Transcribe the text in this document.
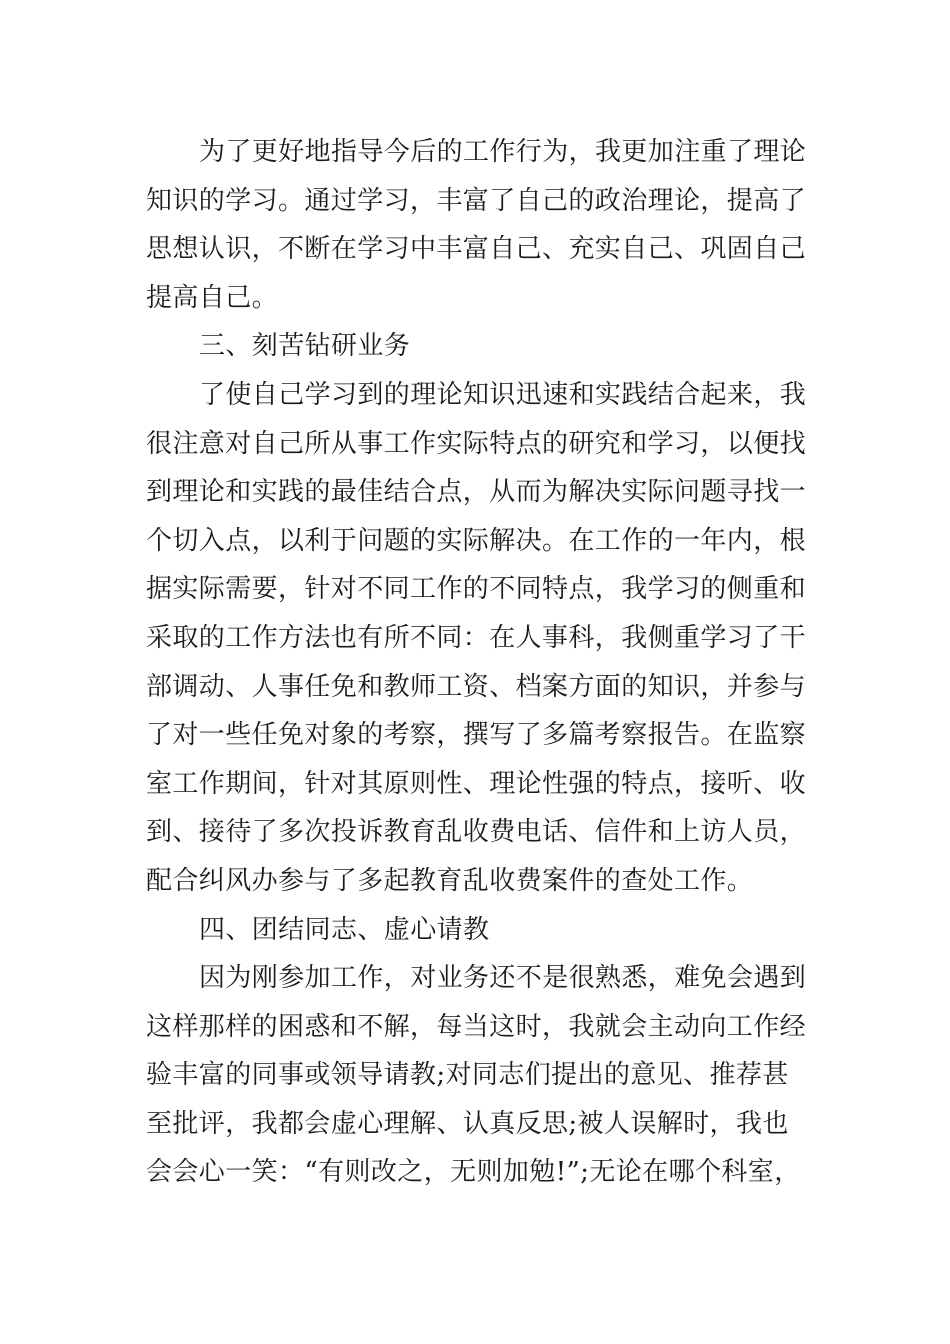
为了更好地指导今后的工作行为，我更加注重了理论
知识的学习。通过学习，丰富了自己的政治理论，提高了
思想认识，不断在学习中丰富自己、充实自己、巩固自己
提高自己。
三、刻苦钻研业务
了使自己学习到的理论知识迅速和实践结合起来，我
很注意对自己所从事工作实际特点的研究和学习，以便找
到理论和实践的最佳结合点，从而为解决实际问题寻找一
个切入点，以利于问题的实际解决。在工作的一年内，根
据实际需要，针对不同工作的不同特点，我学习的侧重和
采取的工作方法也有所不同：在人事科，我侧重学习了干
部调动、人事任免和教师工资、档案方面的知识，并参与
了对一些任免对象的考察，撰写了多篇考察报告。在监察
室工作期间，针对其原则性、理论性强的特点，接听、收
到、接待了多次投诉教育乱收费电话、信件和上访人员，
配合纠风办参与了多起教育乱收费案件的查处工作。
四、团结同志、虚心请教
因为刚参加工作，对业务还不是很熟悉，难免会遇到
这样那样的困惑和不解，每当这时，我就会主动向工作经
验丰富的同事或领导请教;对同志们提出的意见、推荐甚
至批评，我都会虚心理解、认真反思;被人误解时，我也
会会心一笑：“有则改之，无则加勉!”;无论在哪个科室，
